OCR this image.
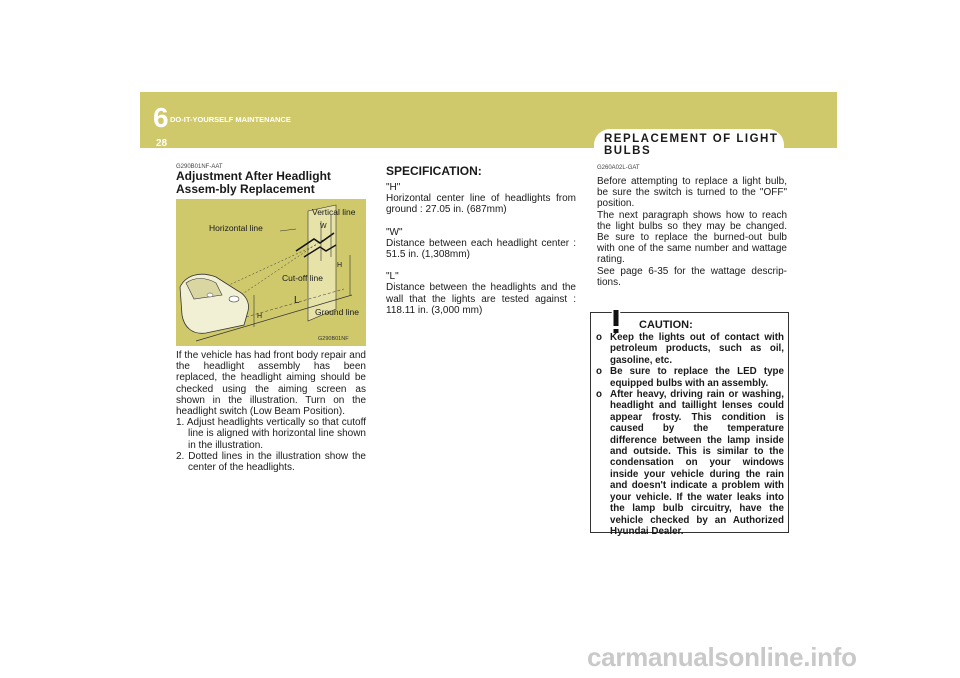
6 DO-IT-YOURSELF MAINTENANCE
28	REPLACEMENT OF LIGHT BULBS
G290B01NF-AAT
Adjustment After Headlight Assem-bly Replacement
Vertical line
Horizontal line	W
H
Cut-off line
L
H	Ground line
G290B01NF

If the vehicle has had front body repair and the headlight assembly has been replaced, the headlight aiming should be checked using the aiming screen as shown in the illustration. Turn on the headlight switch (Low Beam Position).

1. Adjust headlights vertically so that cutoff line is aligned with horizontal line shown in the illustration.

2. Dotted lines in the illustration show the center of the headlights.

SPECIFICATION:
"H"
Horizontal center line of headlights from ground : 27.05 in. (687mm)
"W"
Distance between each headlight center : 51.5 in. (1,308mm)
"L"
Distance between the headlights and the wall that the lights are tested against : 118.11 in. (3,000 mm)
G260A02L-GAT
Before attempting to replace a light bulb, be sure the switch is turned to the "OFF" position.
The next paragraph shows how to reach the light bulbs so they may be changed. Be sure to replace the burned-out bulb with one of the same number and wattage rating.
See page 6-35 for the wattage descrip-tions.
CAUTION:
o Keep the lights out of contact with petroleum products, such as oil, gasoline, etc.
o Be sure to replace the LED type equipped bulbs with an assembly.
o After heavy, driving rain or washing, headlight and taillight lenses could appear frosty. This condition is caused by the temperature difference between the lamp inside and outside. This is similar to the condensation on your windows inside your vehicle during the rain and doesn't indicate a problem with your vehicle. If the water leaks into the lamp bulb circuitry, have the vehicle checked by an Authorized Hyundai Dealer.
carmanualsonline.info
